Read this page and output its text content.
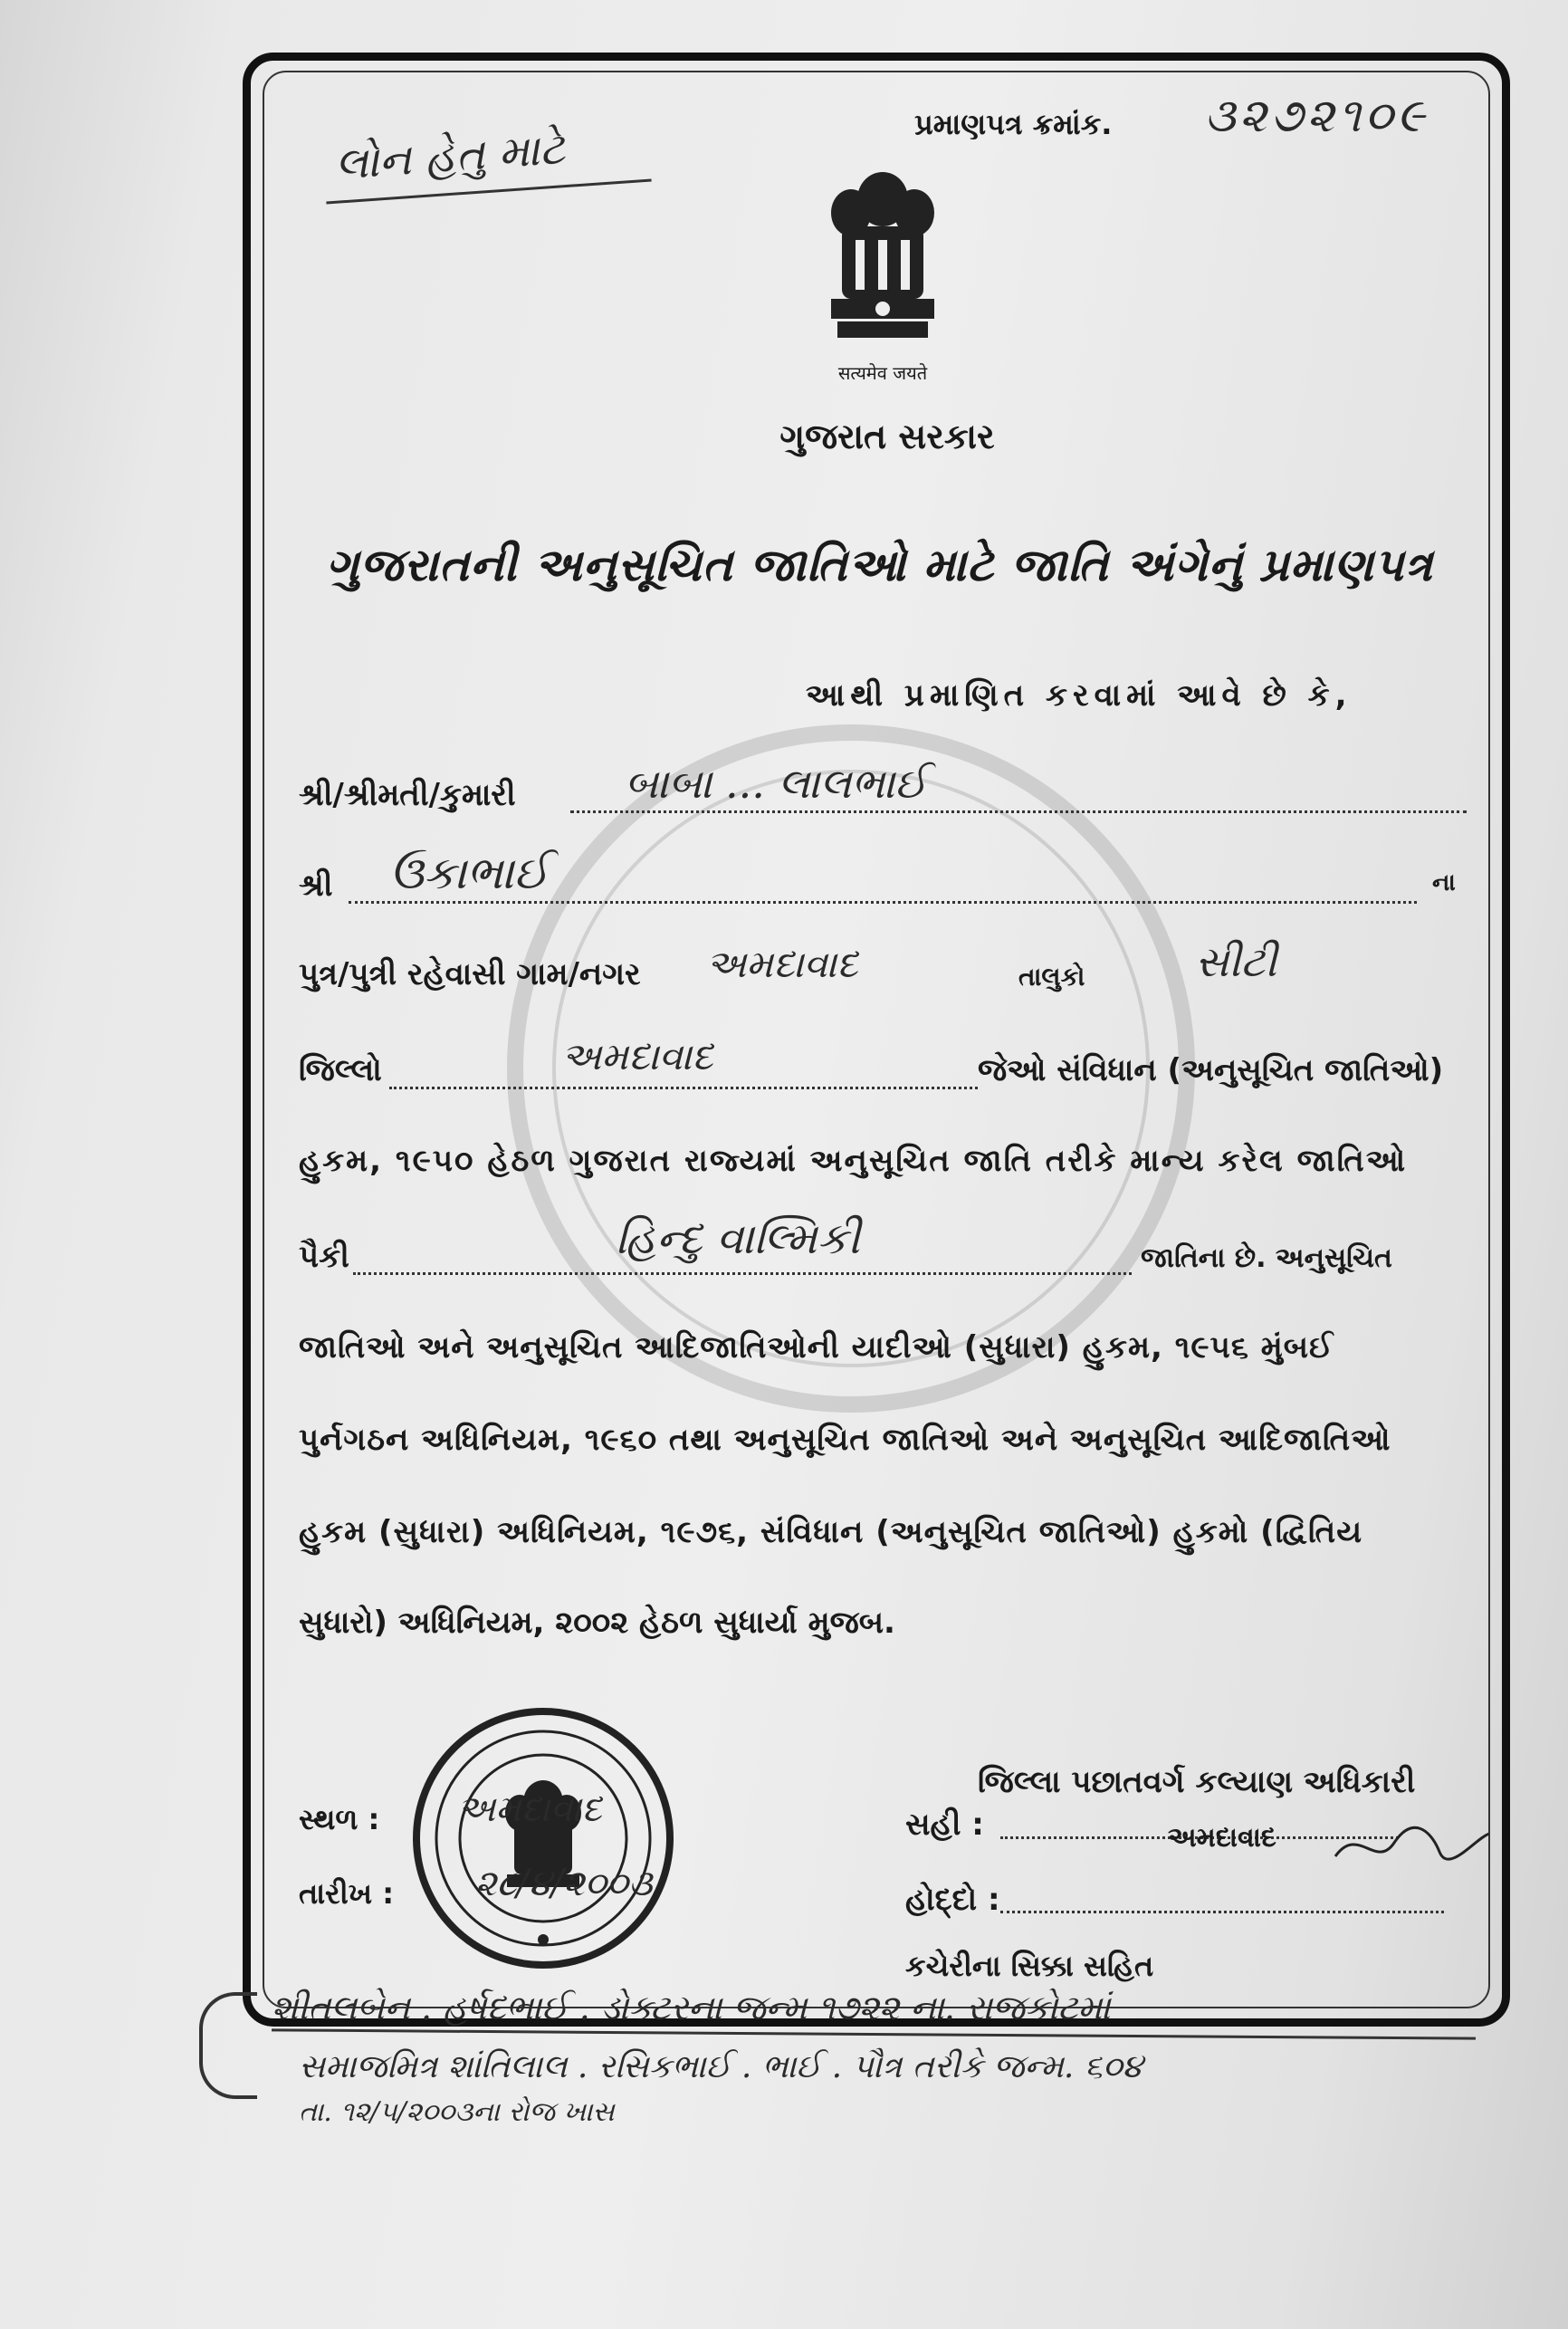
લોન હેતુ માટે	પ્રમાણપત્ર ક્રમાંક. ૩૨૭૨૧૦૯
सत्यमेव जयते
ગુજરાત સરકાર
ગુજરાતની અનુસૂચિત જાતિઓ માટે જાતિ અંગેનું પ્રમાણપત્ર
આથી પ્રમાણિત કરવામાં આવે છે કે,
શ્રી/શ્રીમતી/કુમારી	બાબા ... લાલભાઈ
શ્રી ઉકાભાઈ	ના
પુત્ર/પુત્રી રહેવાસી ગામ/નગર અમદાવાદ	તાલુકો	સીટી
જિલ્લો	અમદાવાદ	જેઓ સંવિધાન (અનુસૂચિત જાતિઓ)
હુકમ, ૧૯૫૦ હેઠળ ગુજરાત રાજ્યમાં અનુસૂચિત જાતિ તરીકે માન્ય કરેલ જાતિઓ
પૈકી	હિન્દુ વાલ્મિકી	જાતિના છે. અનુસૂચિત
જાતિઓ અને અનુસૂચિત આદિજાતિઓની યાદીઓ (સુધારા) હુકમ, ૧૯૫૬ મુંબઈ
પુર્નગઠન અધિનિયમ, ૧૯૬૦ તથા અનુસૂચિત જાતિઓ અને અનુસૂચિત આદિજાતિઓ
હુકમ (સુધારા) અધિનિયમ, ૧૯૭૬, સંવિધાન (અનુસૂચિત જાતિઓ) હુકમો (દ્વિતિય
સુધારો) અધિનિયમ, ૨૦૦૨ હેઠળ સુધાર્યા મુજબ.
સ્થળ : અમદાવાદ
તારીખ : ૨૮/૪/૨૦૦૩
જિલ્લા પછાતવર્ગ કલ્યાણ અધિકારી
સહી :	અમદાવાદ
હોદ્દો :
કચેરીના સિક્કા સહિત
શીતલબેન . હર્ષદભાઈ . ડોક્ટરના જન્મ ૧૭૨૨ ના. રાજકોટમાં
સમાજમિત્ર શાંતિલાલ . રસિકભાઈ . ભાઈ . પૌત્ર તરીકે જન્મ. ૬૦૪
તા. ૧૨/૫/૨૦૦૩ના રોજ ખાસ
